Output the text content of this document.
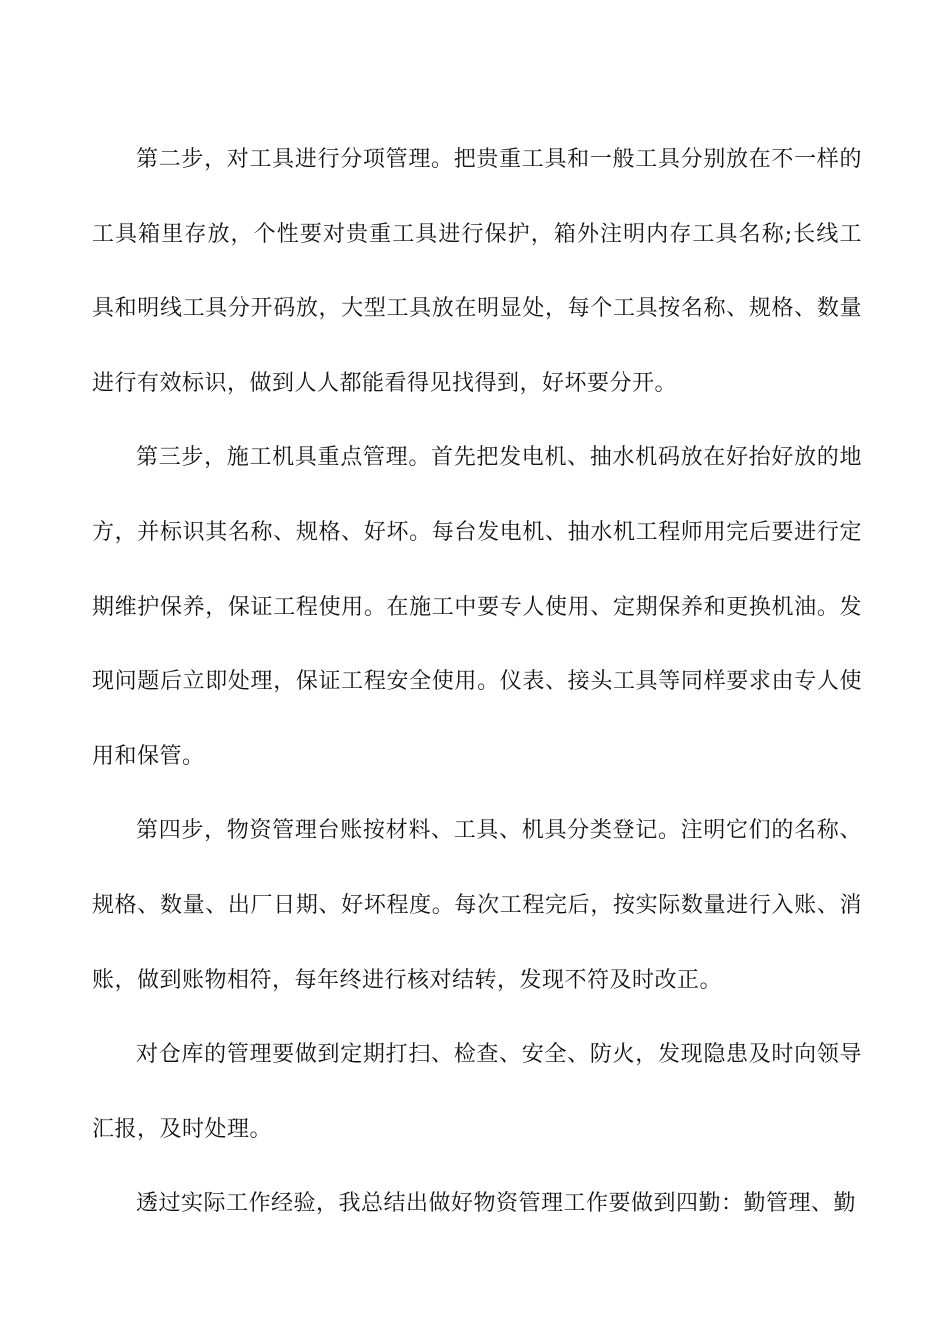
第二步，对工具进行分项管理。把贵重工具和一般工具分别放在不一样的工具箱里存放，个性要对贵重工具进行保护，箱外注明内存工具名称;长线工具和明线工具分开码放，大型工具放在明显处，每个工具按名称、规格、数量进行有效标识，做到人人都能看得见找得到，好坏要分开。

第三步，施工机具重点管理。首先把发电机、抽水机码放在好抬好放的地方，并标识其名称、规格、好坏。每台发电机、抽水机工程师用完后要进行定期维护保养，保证工程使用。在施工中要专人使用、定期保养和更换机油。发现问题后立即处理，保证工程安全使用。仪表、接头工具等同样要求由专人使用和保管。

第四步，物资管理台账按材料、工具、机具分类登记。注明它们的名称、规格、数量、出厂日期、好坏程度。每次工程完后，按实际数量进行入账、消账，做到账物相符，每年终进行核对结转，发现不符及时改正。

对仓库的管理要做到定期打扫、检查、安全、防火，发现隐患及时向领导汇报，及时处理。

透过实际工作经验，我总结出做好物资管理工作要做到四勤：勤管理、勤
